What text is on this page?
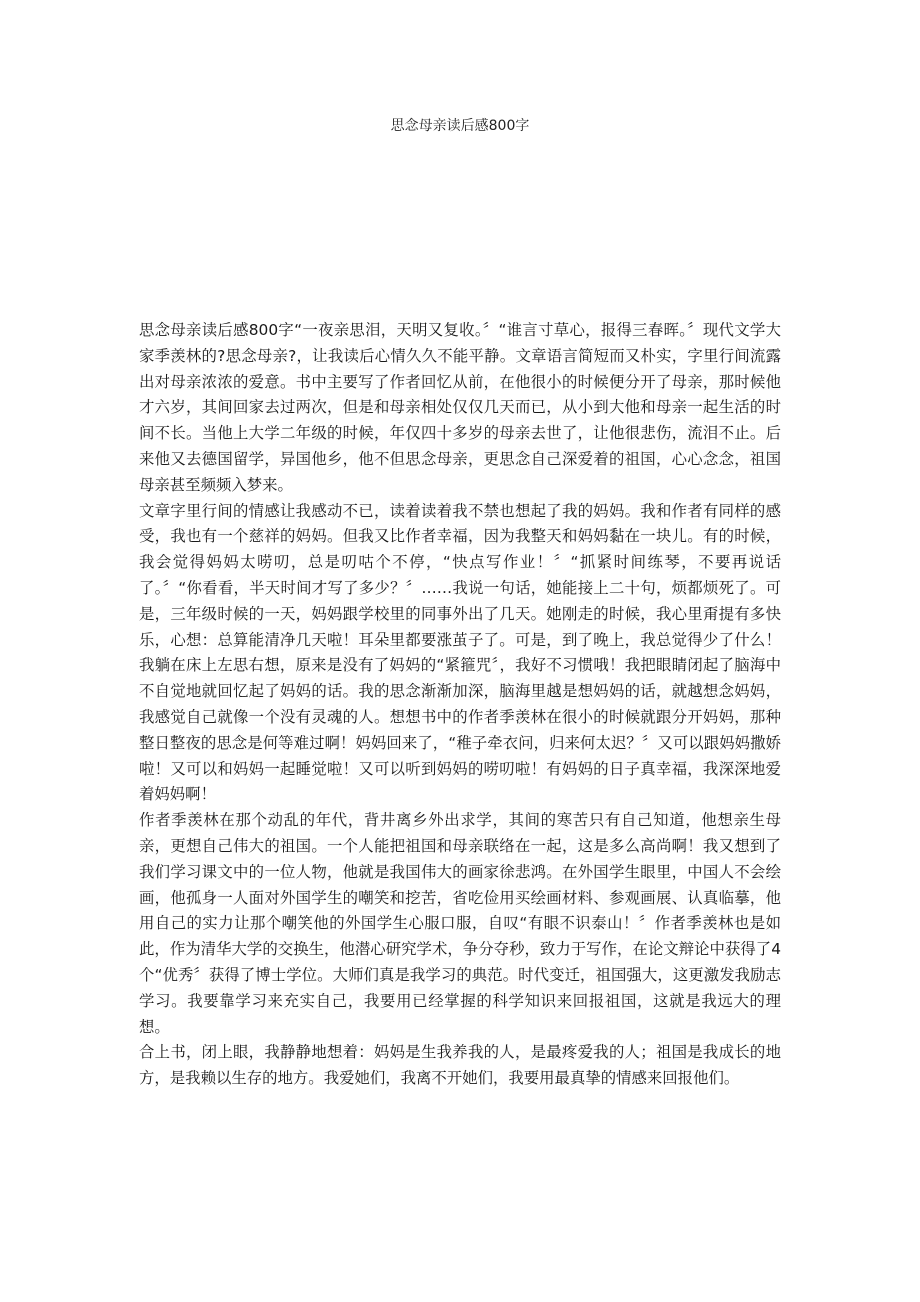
思念母亲读后感800字

思念母亲读后感800字“一夜亲思泪，天明又复收。〞“谁言寸草心，报得三春晖。〞现代文学大家季羡林的?思念母亲?，让我读后心情久久不能平静。文章语言简短而又朴实，字里行间流露出对母亲浓浓的爱意。书中主要写了作者回忆从前，在他很小的时候便分开了母亲，那时候他才六岁，其间回家去过两次，但是和母亲相处仅仅几天而已，从小到大他和母亲一起生活的时间不长。当他上大学二年级的时候，年仅四十多岁的母亲去世了，让他很悲伤，流泪不止。后来他又去德国留学，异国他乡，他不但思念母亲，更思念自己深爱着的祖国，心心念念，祖国母亲甚至频频入梦来。

文章字里行间的情感让我感动不已，读着读着我不禁也想起了我的妈妈。我和作者有同样的感受，我也有一个慈祥的妈妈。但我又比作者幸福，因为我整天和妈妈黏在一块儿。有的时候，我会觉得妈妈太唠叨，总是叨咕个不停，“快点写作业！〞“抓紧时间练琴，不要再说话了。〞“你看看，半天时间才写了多少？〞……我说一句话，她能接上二十句，烦都烦死了。可是，三年级时候的一天，妈妈跟学校里的同事外出了几天。她刚走的时候，我心里甭提有多快乐，心想：总算能清净几天啦！耳朵里都要涨茧子了。可是，到了晚上，我总觉得少了什么！我躺在床上左思右想，原来是没有了妈妈的“紧箍咒〞，我好不习惯哦！我把眼睛闭起了脑海中不自觉地就回忆起了妈妈的话。我的思念渐渐加深，脑海里越是想妈妈的话，就越想念妈妈，我感觉自己就像一个没有灵魂的人。想想书中的作者季羡林在很小的时候就跟分开妈妈，那种整日整夜的思念是何等难过啊！妈妈回来了，“稚子牵衣问，归来何太迟？〞又可以跟妈妈撒娇啦！又可以和妈妈一起睡觉啦！又可以听到妈妈的唠叨啦！有妈妈的日子真幸福，我深深地爱着妈妈啊！

作者季羡林在那个动乱的年代，背井离乡外出求学，其间的寒苦只有自己知道，他想亲生母亲，更想自己伟大的祖国。一个人能把祖国和母亲联络在一起，这是多么高尚啊！我又想到了我们学习课文中的一位人物，他就是我国伟大的画家徐悲鸿。在外国学生眼里，中国人不会绘画，他孤身一人面对外国学生的嘲笑和挖苦，省吃俭用买绘画材料、参观画展、认真临摹，他用自己的实力让那个嘲笑他的外国学生心服口服，自叹“有眼不识泰山！〞作者季羡林也是如此，作为清华大学的交换生，他潜心研究学术，争分夺秒，致力于写作，在论文辩论中获得了4个“优秀〞获得了博士学位。大师们真是我学习的典范。时代变迁，祖国强大，这更激发我励志学习。我要靠学习来充实自己，我要用已经掌握的科学知识来回报祖国，这就是我远大的理想。

合上书，闭上眼，我静静地想着：妈妈是生我养我的人，是最疼爱我的人；祖国是我成长的地方，是我赖以生存的地方。我爱她们，我离不开她们，我要用最真挚的情感来回报他们。
